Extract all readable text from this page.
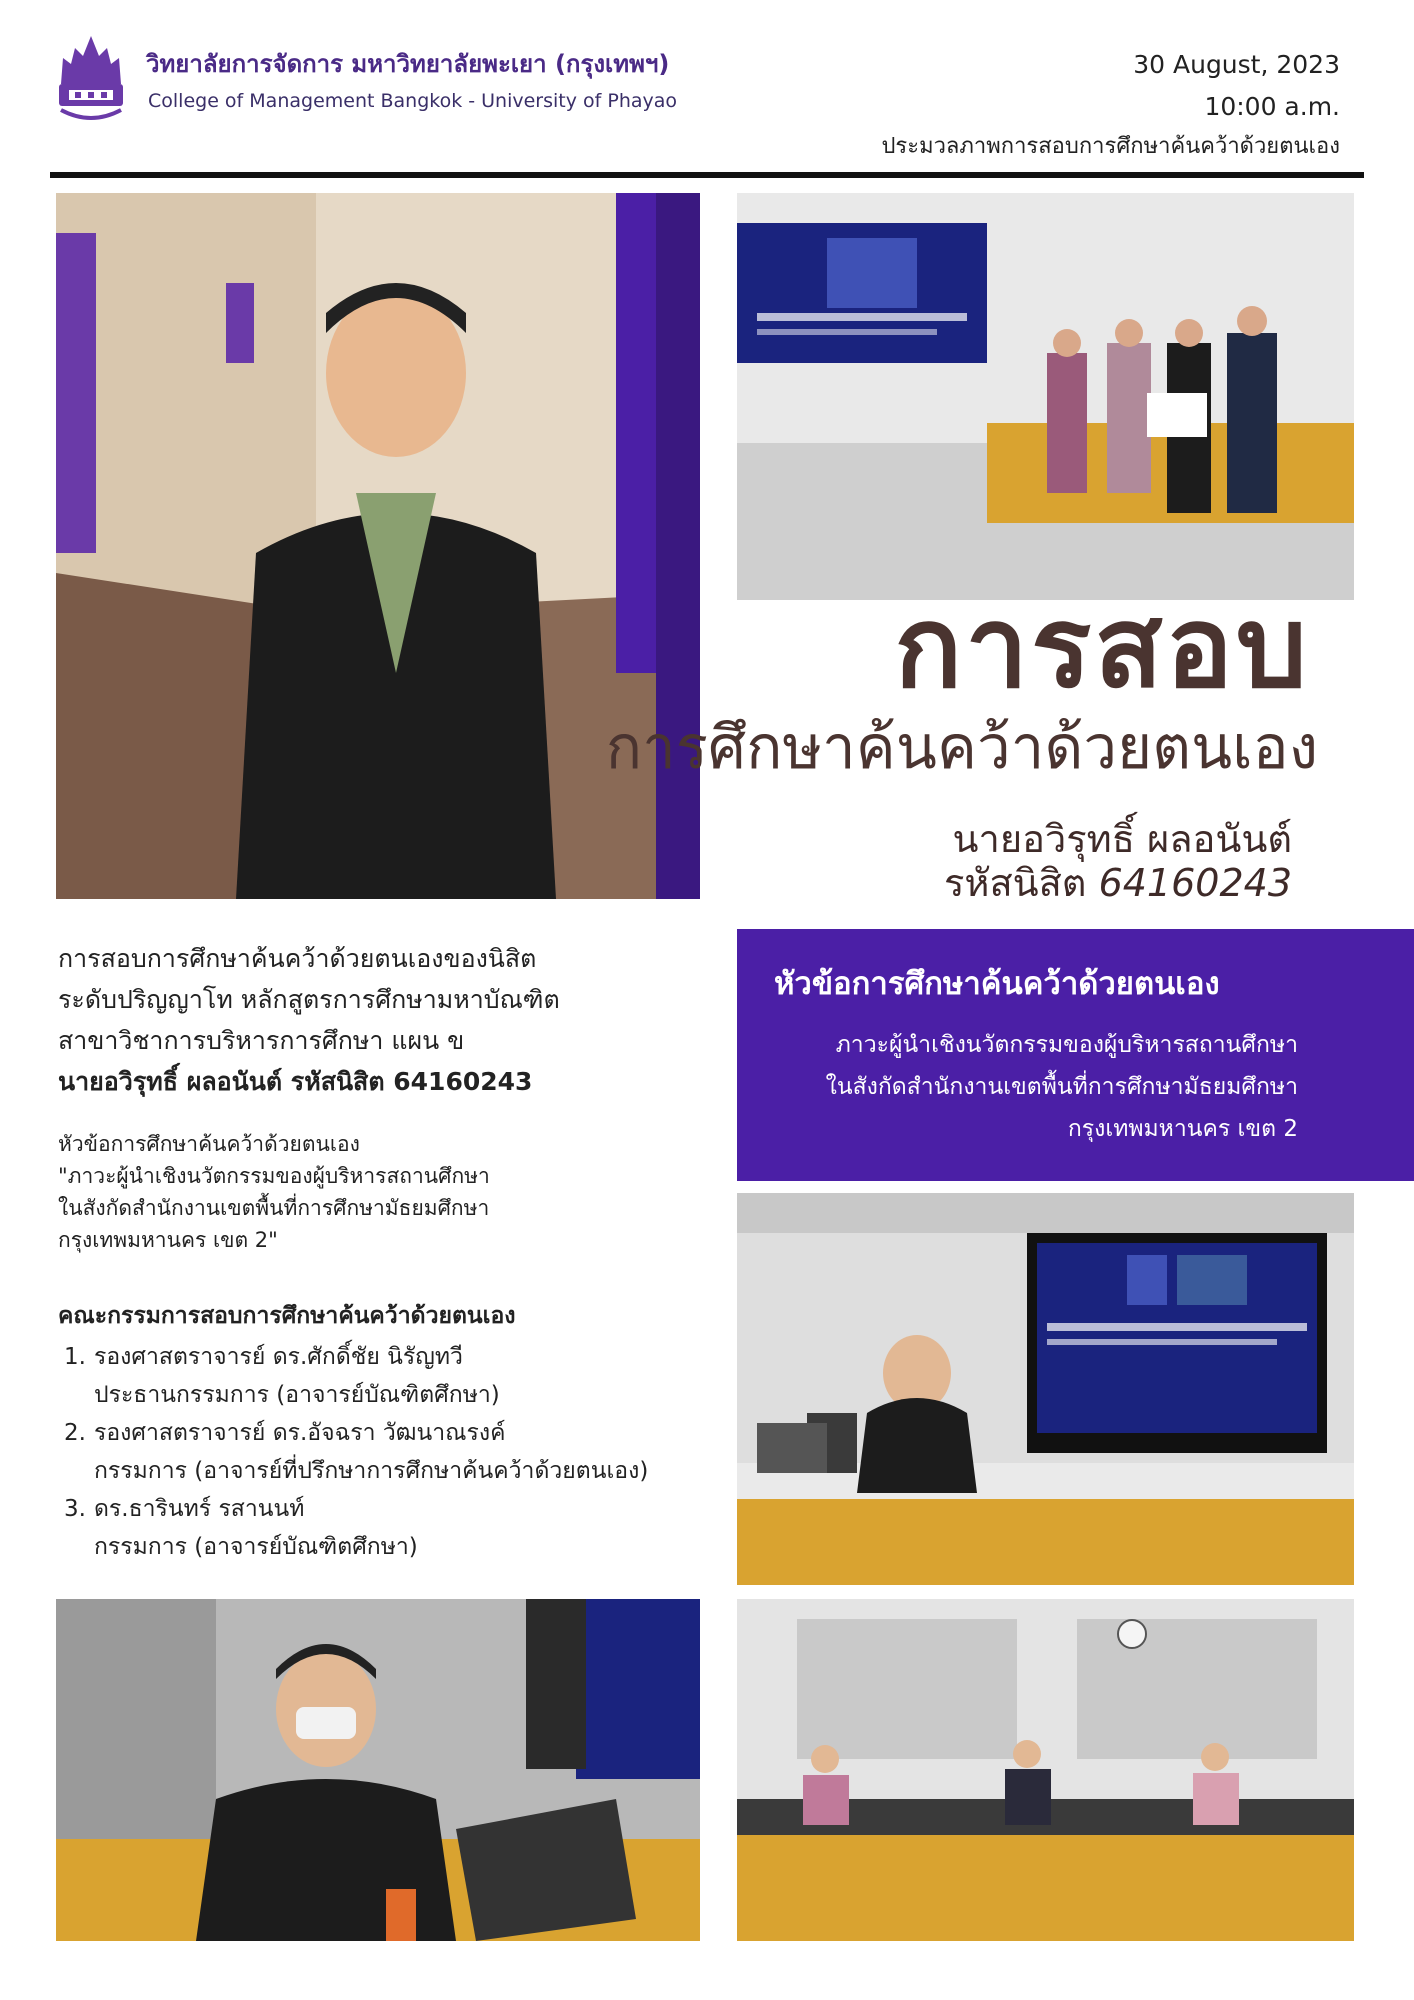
วิทยาลัยการจัดการ มหาวิทยาลัยพะเยา (กรุงเทพฯ)
College of Management Bangkok - University of Phayao
30 August, 2023
10:00 a.m.
ประมวลภาพการสอบการศึกษาค้นคว้าด้วยตนเอง
การสอบ
การศึกษาค้นคว้าด้วยตนเอง
นายอวิรุทธิ์ ผลอนันต์
รหัสนิสิต 64160243
การสอบการศึกษาค้นคว้าด้วยตนเองของนิสิต
ระดับปริญญาโท หลักสูตรการศึกษามหาบัณฑิต
สาขาวิชาการบริหารการศึกษา แผน ข
นายอวิรุทธิ์ ผลอนันต์ รหัสนิสิต 64160243
หัวข้อการศึกษาค้นคว้าด้วยตนเอง
"ภาวะผู้นำเชิงนวัตกรรมของผู้บริหารสถานศึกษา
ในสังกัดสำนักงานเขตพื้นที่การศึกษามัธยมศึกษา
กรุงเทพมหานคร เขต 2"
คณะกรรมการสอบการศึกษาค้นคว้าด้วยตนเอง
1. รองศาสตราจารย์ ดร.ศักดิ์ชัย นิรัญทวี
ประธานกรรมการ (อาจารย์บัณฑิตศึกษา)
2. รองศาสตราจารย์ ดร.อัจฉรา วัฒนาณรงค์
กรรมการ (อาจารย์ที่ปรึกษาการศึกษาค้นคว้าด้วยตนเอง)
3. ดร.ธารินทร์ รสานนท์
กรรมการ (อาจารย์บัณฑิตศึกษา)
หัวข้อการศึกษาค้นคว้าด้วยตนเอง
ภาวะผู้นำเชิงนวัตกรรมของผู้บริหารสถานศึกษา
ในสังกัดสำนักงานเขตพื้นที่การศึกษามัธยมศึกษา
กรุงเทพมหานคร เขต 2
